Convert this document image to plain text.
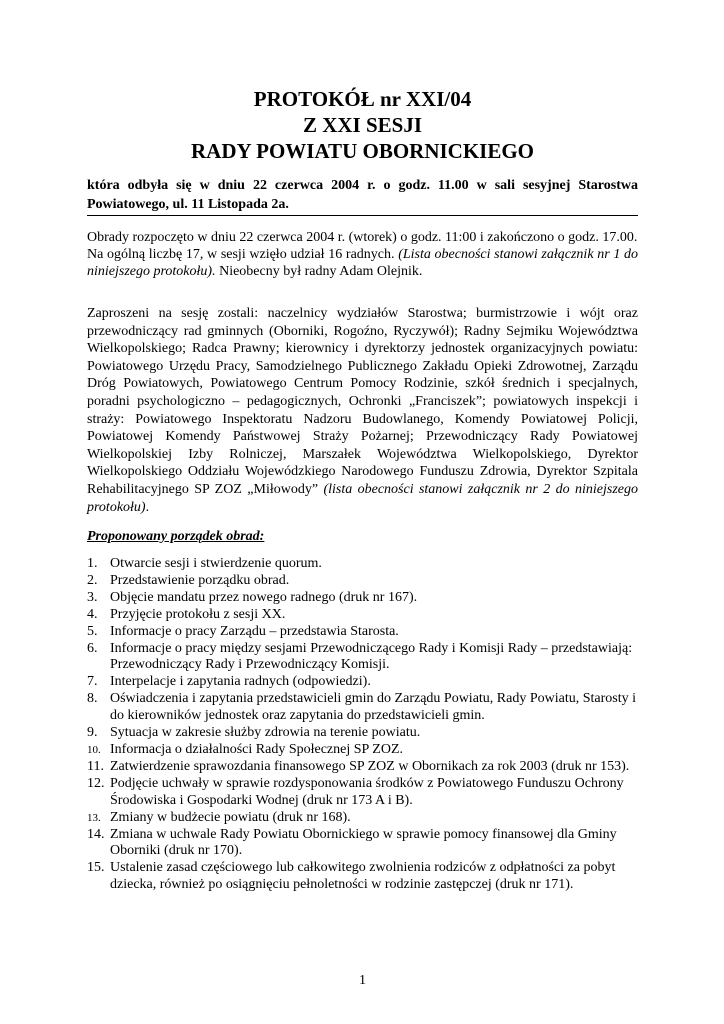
PROTOKÓŁ nr XXI/04
Z XXI SESJI
RADY POWIATU OBORNICKIEGO
która odbyła się w dniu 22 czerwca 2004 r. o godz. 11.00 w sali sesyjnej Starostwa
Powiatowego, ul. 11 Listopada 2a.

Obrady rozpoczęto w dniu 22 czerwca 2004 r. (wtorek) o godz. 11:00 i zakończono o godz. 17.00.

Na ogólną liczbę 17, w sesji wzięło udział 16 radnych. (Lista obecności stanowi załącznik nr 1 do niniejszego protokołu). Nieobecny był radny Adam Olejnik.

Zaproszeni na sesję zostali: naczelnicy wydziałów Starostwa; burmistrzowie i wójt oraz przewodniczący rad gminnych (Oborniki, Rogoźno, Ryczywół); Radny Sejmiku Województwa Wielkopolskiego; Radca Prawny; kierownicy i dyrektorzy jednostek organizacyjnych powiatu: Powiatowego Urzędu Pracy, Samodzielnego Publicznego Zakładu Opieki Zdrowotnej, Zarządu Dróg Powiatowych, Powiatowego Centrum Pomocy Rodzinie, szkół średnich i specjalnych, poradni psychologiczno – pedagogicznych, Ochronki „Franciszek”; powiatowych inspekcji i straży: Powiatowego Inspektoratu Nadzoru Budowlanego, Komendy Powiatowej Policji, Powiatowej Komendy Państwowej Straży Pożarnej; Przewodniczący Rady Powiatowej Wielkopolskiej Izby Rolniczej, Marszałek Województwa Wielkopolskiego, Dyrektor Wielkopolskiego Oddziału Wojewódzkiego Narodowego Funduszu Zdrowia, Dyrektor Szpitala Rehabilitacyjnego SP ZOZ „Miłowody” (lista obecności stanowi załącznik nr 2 do niniejszego protokołu).

Proponowany porządek obrad:

1. Otwarcie sesji i stwierdzenie quorum.
2. Przedstawienie porządku obrad.
3. Objęcie mandatu przez nowego radnego (druk nr 167).
4. Przyjęcie protokołu z sesji XX.
5. Informacje o pracy Zarządu – przedstawia Starosta.
6. Informacje o pracy między sesjami Przewodniczącego Rady i Komisji Rady – przedstawiają: Przewodniczący Rady i Przewodniczący Komisji.
7. Interpelacje i zapytania radnych (odpowiedzi).
8. Oświadczenia i zapytania przedstawicieli gmin do Zarządu Powiatu, Rady Powiatu, Starosty i do kierowników jednostek oraz zapytania do przedstawicieli gmin.
9. Sytuacja w zakresie służby zdrowia na terenie powiatu.
10. Informacja o działalności Rady Społecznej SP ZOZ.
11. Zatwierdzenie sprawozdania finansowego SP ZOZ w Obornikach za rok 2003 (druk nr 153).
12. Podjęcie uchwały w sprawie rozdysponowania środków z Powiatowego Funduszu Ochrony Środowiska i Gospodarki Wodnej (druk nr 173 A i B).
13. Zmiany w budżecie powiatu (druk nr 168).
14. Zmiana w uchwale Rady Powiatu Obornickiego w sprawie pomocy finansowej dla Gminy Oborniki (druk nr 170).
15. Ustalenie zasad częściowego lub całkowitego zwolnienia rodziców z odpłatności za pobyt dziecka, również po osiągnięciu pełnoletności w rodzinie zastępczej (druk nr 171).

1
